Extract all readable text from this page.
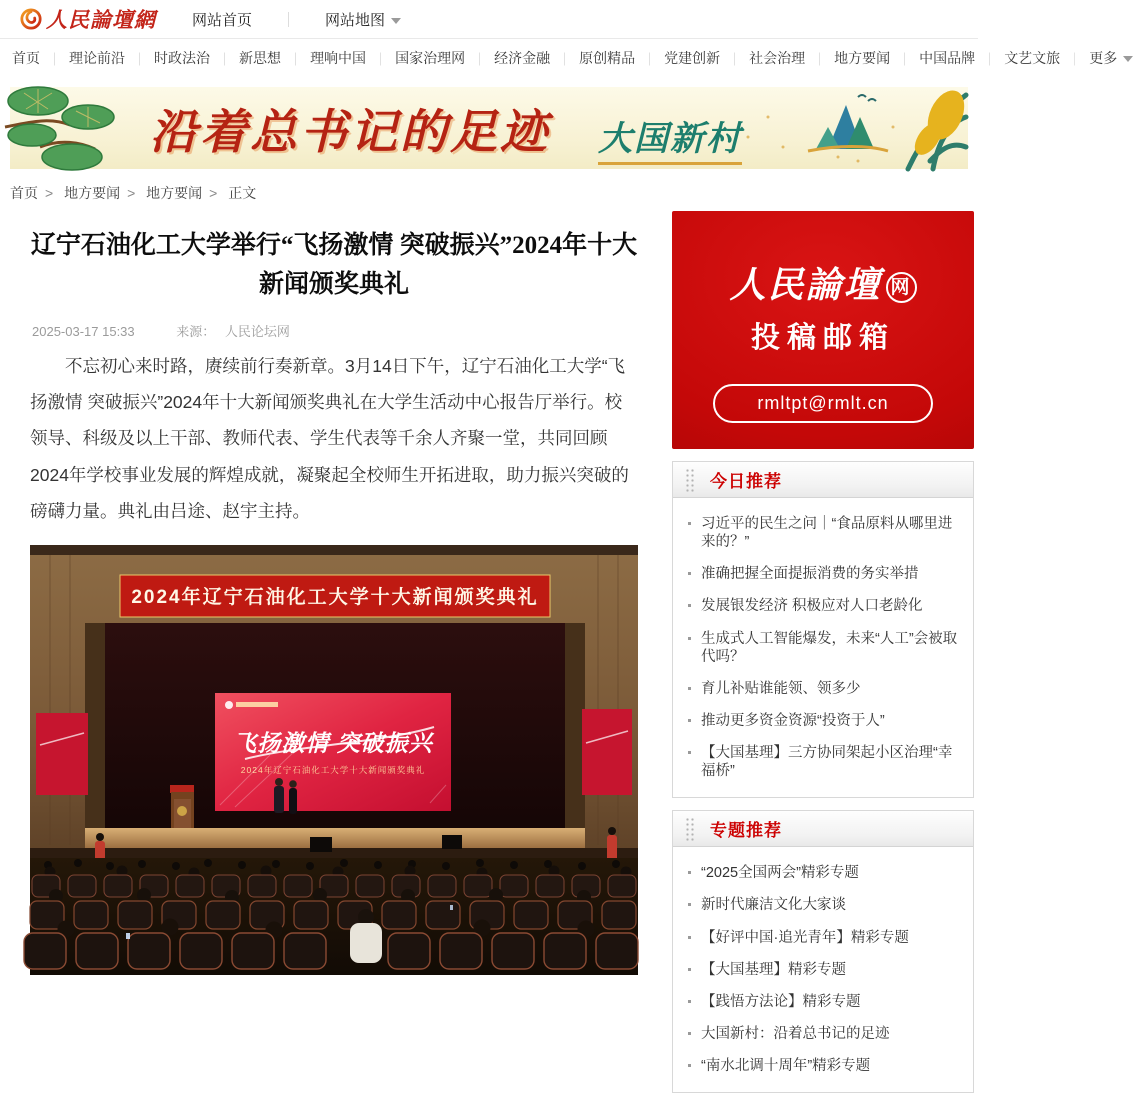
人民論壇網 网站首页	网站地图
首页 ｜ 理论前沿 ｜ 时政法治 ｜ 新思想 ｜ 理响中国 ｜ 国家治理网 ｜ 经济金融 ｜ 原创精品 ｜ 党建创新 ｜ 社会治理 ｜ 地方要闻 ｜ 中国品牌 ｜ 文艺文旅 ｜ 更多
沿着总书记的足迹 大国新村
首页 > 地方要闻 > 地方要闻 > 正文
辽宁石油化工大学举行“飞扬激情 突破振兴”2024年十大新闻颁奖典礼
2025-03-17 15:33	来源： 人民论坛网

不忘初心来时路，赓续前行奏新章。3月14日下午，辽宁石油化工大学“飞扬激情 突破振兴”2024年十大新闻颁奖典礼在大学生活动中心报告厅举行。校领导、科级及以上干部、教师代表、学生代表等千余人齐聚一堂，共同回顾2024年学校事业发展的辉煌成就，凝聚起全校师生开拓进取，助力振兴突破的磅礴力量。典礼由吕途、赵宇主持。

2024年辽宁石油化工大学十大新闻颁奖典礼
飞扬激情 突破振兴
2024年辽宁石油化工大学十大新闻颁奖典礼
人民論壇 网
投稿邮箱
rmltpt@rmlt.cn
今日推荐
习近平的民生之问｜“食品原料从哪里进来的？”
准确把握全面提振消费的务实举措
发展银发经济 积极应对人口老龄化
生成式人工智能爆发，未来“人工”会被取代吗？
育儿补贴谁能领、领多少
推动更多资金资源“投资于人”
【大国基理】三方协同架起小区治理“幸福桥”
专题推荐
“2025全国两会”精彩专题
新时代廉洁文化大家谈
【好评中国·追光青年】精彩专题
【大国基理】精彩专题
【践悟方法论】精彩专题
大国新村：沿着总书记的足迹
“南水北调十周年”精彩专题
